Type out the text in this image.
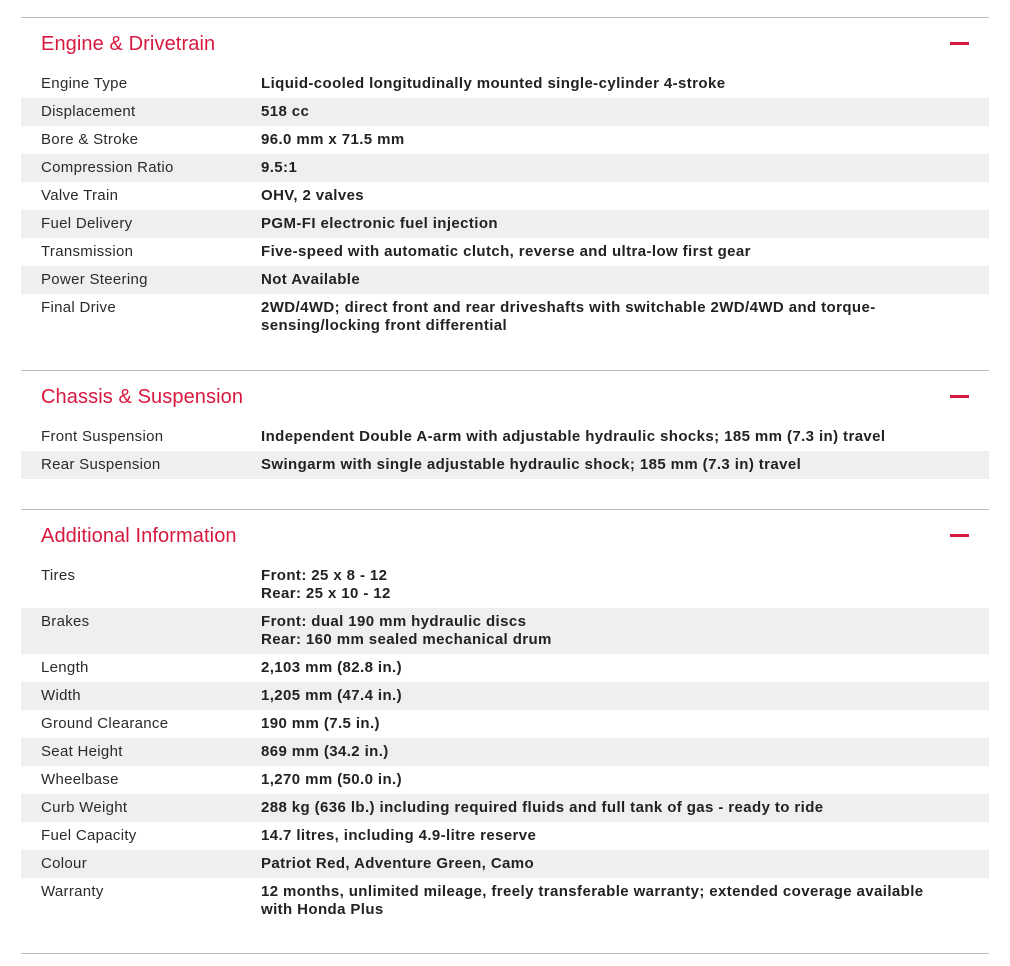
Engine & Drivetrain
Engine Type	Liquid-cooled longitudinally mounted single-cylinder 4-stroke
Displacement	518 cc
Bore & Stroke	96.0 mm x 71.5 mm
Compression Ratio	9.5:1
Valve Train	OHV, 2 valves
Fuel Delivery	PGM-FI electronic fuel injection
Transmission	Five-speed with automatic clutch, reverse and ultra-low first gear
Power Steering	Not Available
Final Drive	2WD/4WD; direct front and rear driveshafts with switchable 2WD/4WD and torque-
sensing/locking front differential
Chassis & Suspension
Front Suspension	Independent Double A-arm with adjustable hydraulic shocks; 185 mm (7.3 in) travel
Rear Suspension	Swingarm with single adjustable hydraulic shock; 185 mm (7.3 in) travel
Additional Information
Tires	Front: 25 x 8 - 12
Rear: 25 x 10 - 12
Brakes	Front: dual 190 mm hydraulic discs
Rear: 160 mm sealed mechanical drum
Length	2,103 mm (82.8 in.)
Width	1,205 mm (47.4 in.)
Ground Clearance	190 mm (7.5 in.)
Seat Height	869 mm (34.2 in.)
Wheelbase	1,270 mm (50.0 in.)
Curb Weight	288 kg (636 lb.) including required fluids and full tank of gas - ready to ride
Fuel Capacity	14.7 litres, including 4.9-litre reserve
Colour	Patriot Red, Adventure Green, Camo
Warranty	12 months, unlimited mileage, freely transferable warranty; extended coverage available
with Honda Plus
